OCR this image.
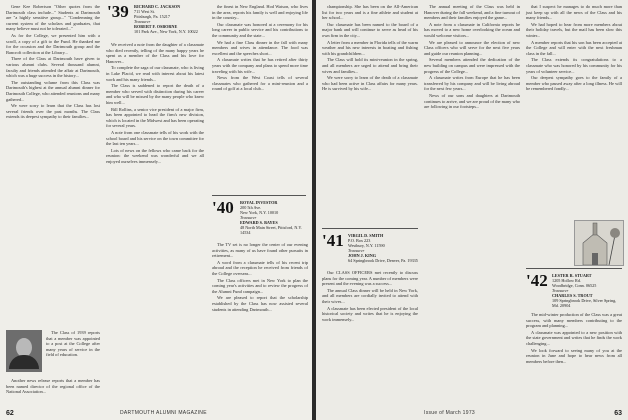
Gene Kee Robertson "Other quotes from the Dartmouth class include..." Students at Dartmouth are "a highly sensitive group..." "Condemning the current system of the scholars and graduates, that many believe must not be tolerated..."

As for the College, we presented him with a scroll, a copy of a gift to the Fund. He thanked me for the occasion and the Dartmouth group and the Bancroft collection at the Library...

Three of the Class at Dartmouth have given to various alumni clubs. Several thousand alumni, faculty and friends attended the affair at Dartmouth, which was a huge success in the history...

The outstanding volume from this Class was Dartmouth's highest at the annual alumni dinner for Dartmouth College, who attended reunions and many gathered...

We were sorry to learn that the Class has lost several friends over the past months. The Class extends its deepest sympathy to their families...

The Class of 1939 reports that a member was appointed to a post at the College after many years of service in the field of education.

Another news release reports that a member has been named director of the regional office of the National Association...

'39 RICHARD C. JACKSON
711 West St.
Pittsburgh, Pa. 15217
Treasurer
ROBERT F. OSBORNE
101 Park Ave., New York, N.Y. 10022

We received a note from the daughter of a classmate who died recently, telling of the many happy years he spent as a member of the Class and his love for Hanover...

To complete the saga of our classmate, who is living in Lake Placid, we read with interest about his latest work and his many friends...

The Class is saddened to report the death of a member who served with distinction during his career and who will be missed by the many people who knew him well...

Bill Rollins, a senior vice president of a major firm, has been appointed to head the firm's new division, which is located in the Midwest and has been operating for several years.

A note from one classmate tells of his work with the school board and his service on the town committee for the last ten years...

Lots of news on the fellows who came back for the reunion: the weekend was wonderful and we all enjoyed ourselves immensely...

'40 ROYAL INVESTOR
200 5th Ave.
New York, N.Y. 10010
Treasurer
EDWARD S. BAYES
48 North Main Street, Pittsford, N.Y. 14534

the finest in New England. Hod Watson, who lives in the area, reports his family is well and enjoying life in the country...

Our classmate was honored at a ceremony for his long career in public service and his contributions to the community and the state...

We had a fine Class dinner in the fall with many members and wives in attendance. The food was excellent and the speeches short...

A classmate writes that he has retired after thirty years with the company and plans to spend more time traveling with his wife...

News from the West Coast tells of several classmates who gathered for a mini-reunion and a round of golf at a local club...

The TV set is no longer the center of our evening activities, as many of us have found other pursuits in retirement...

A word from a classmate tells of his recent trip abroad and the reception he received from friends of the College overseas...

The Class officers met in New York to plan the coming year's activities and to review the progress of the Alumni Fund campaign...

We are pleased to report that the scholarship established by the Class has now assisted several students in attending Dartmouth...

DARTMOUTH ALUMNI MAGAZINE
62

championship. She has been on the All-American list for two years and is a fine athlete and student at her school...

Our classmate has been named to the board of a major bank and will continue to serve as head of his own firm in the city...

A letter from a member in Florida tells of the warm weather and his new interests in boating and fishing with his grandchildren...

The Class will hold its mini-reunion in the spring, and all members are urged to attend and bring their wives and families...

We were sorry to learn of the death of a classmate who had been active in Class affairs for many years. He is survived by his wife...

'41 VIRGIL D. SMITH
P.O. Box 223
Westbury, N.Y. 11590
Treasurer
JOHN J. KING
64 Springbrook Drive, Denver, Pa. 19335

Our CLASS OFFICERS met recently to discuss plans for the coming year. A number of members were present and the evening was a success...

The annual Class dinner will be held in New York, and all members are cordially invited to attend with their wives...

A classmate has been elected president of the local historical society and writes that he is enjoying the work immensely...

The annual meeting of the Class was held in Hanover during the fall weekend, and a fine turnout of members and their families enjoyed the game...

A note from a classmate in California reports he has moved to a new home overlooking the ocean and would welcome visitors...

We are pleased to announce the election of new Class officers who will serve for the next five years and guide our reunion planning...

Several members attended the dedication of the new building on campus and were impressed with the progress of the College...

A classmate writes from Europe that he has been transferred by his company and will be living abroad for the next few years...

News of our sons and daughters at Dartmouth continues to arrive, and we are proud of the many who are following in our footsteps...

that I suspect he manages to do much more than just keep up with all the news of the Class and his many friends...

We had hoped to hear from more members about their holiday travels, but the mail has been slow this winter...

A member reports that his son has been accepted at the College and will enter with the next freshman class in the fall...

The Class extends its congratulations to a classmate who was honored by his community for his years of volunteer service...

Our deepest sympathy goes to the family of a member who passed away after a long illness. He will be remembered fondly...

'42 LESTER R. STUART
1205 Hollow Rd.
Woodbridge, Conn. 06525
Treasurer
CHARLES S. TROUT
109 Springbrook Drive, Silver Spring, Md. 20904

The mid-winter production of the Class was a great success, with many members contributing to the program and planning...

A classmate was appointed to a new position with the state government and writes that he finds the work challenging...

We look forward to seeing many of you at the reunion in June and hope to hear news from all members before then...

Issue of March 1973	63
